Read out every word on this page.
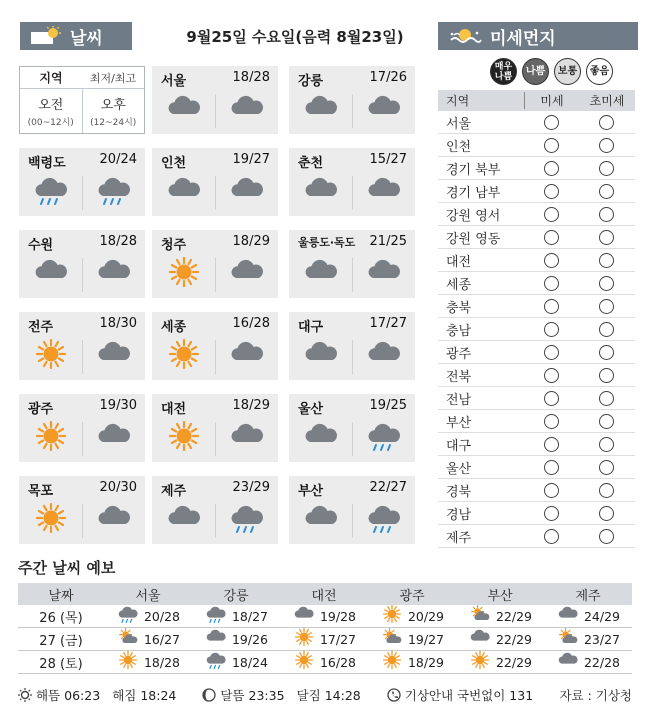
날씨	9월25일 수요일(음력 8월23일)	미세먼지
지역	최저/최고
오전
(00~12시)
오후
(12~24시)
서울	18/28 강릉	17/26
백령도	20/24 인천	19/27 춘천	15/27
수원	18/28 청주	18/29	울릉도·독도 21/25
전주	18/30 세종	16/28 대구	17/27
광주	19/30 대전	18/29 울산	19/25
목포	20/30 제주	23/29 부산	22/27
매우
나쁨	나쁨	보통	좋음
지역	미세	초미세
서울
인천
경기 북부
경기 남부
강원 영서
강원 영동
대전
세종
충북
충남
광주
전북
전남
부산
대구
울산
경북
경남
제주
주간 날씨 예보
날짜	서울	강릉	대전	광주	부산	제주
26 (목)	20/28	18/27	19/28	20/29	22/29	24/29
27 (금)	16/27	19/26	17/27	19/27	22/29	23/27
28 (토)	18/28	18/24	16/28	18/29	22/29	22/28
해뜸 06:23 해짐 18:24	달뜸 23:35 달짐 14:28	기상안내 국번없이 131 자료 : 기상청
